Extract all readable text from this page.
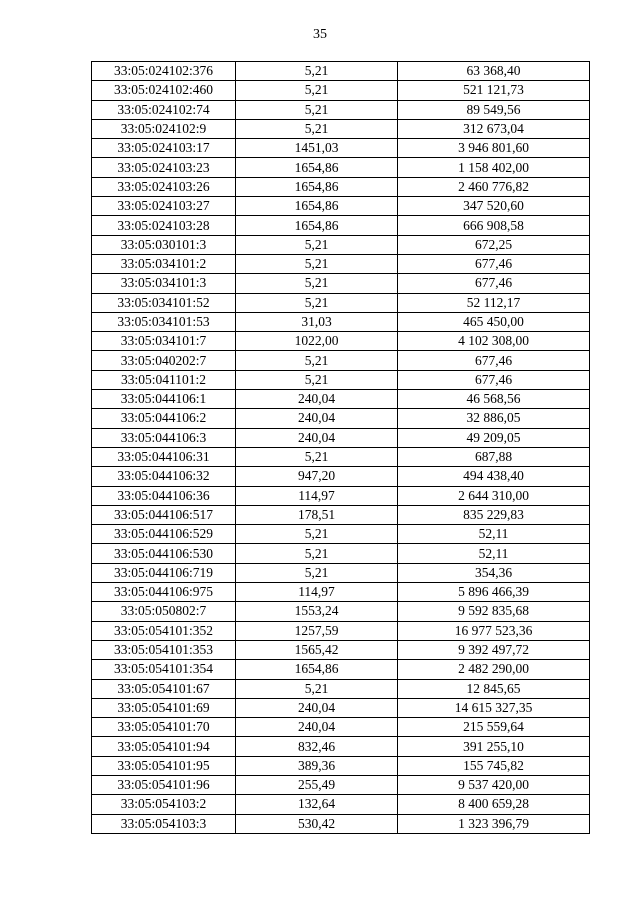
35
33:05:024102:376	5,21	63 368,40
33:05:024102:460	5,21	521 121,73
33:05:024102:74	5,21	89 549,56
33:05:024102:9	5,21	312 673,04
33:05:024103:17	1451,03	3 946 801,60
33:05:024103:23	1654,86	1 158 402,00
33:05:024103:26	1654,86	2 460 776,82
33:05:024103:27	1654,86	347 520,60
33:05:024103:28	1654,86	666 908,58
33:05:030101:3	5,21	672,25
33:05:034101:2	5,21	677,46
33:05:034101:3	5,21	677,46
33:05:034101:52	5,21	52 112,17
33:05:034101:53	31,03	465 450,00
33:05:034101:7	1022,00	4 102 308,00
33:05:040202:7	5,21	677,46
33:05:041101:2	5,21	677,46
33:05:044106:1	240,04	46 568,56
33:05:044106:2	240,04	32 886,05
33:05:044106:3	240,04	49 209,05
33:05:044106:31	5,21	687,88
33:05:044106:32	947,20	494 438,40
33:05:044106:36	114,97	2 644 310,00
33:05:044106:517	178,51	835 229,83
33:05:044106:529	5,21	52,11
33:05:044106:530	5,21	52,11
33:05:044106:719	5,21	354,36
33:05:044106:975	114,97	5 896 466,39
33:05:050802:7	1553,24	9 592 835,68
33:05:054101:352	1257,59	16 977 523,36
33:05:054101:353	1565,42	9 392 497,72
33:05:054101:354	1654,86	2 482 290,00
33:05:054101:67	5,21	12 845,65
33:05:054101:69	240,04	14 615 327,35
33:05:054101:70	240,04	215 559,64
33:05:054101:94	832,46	391 255,10
33:05:054101:95	389,36	155 745,82
33:05:054101:96	255,49	9 537 420,00
33:05:054103:2	132,64	8 400 659,28
33:05:054103:3	530,42	1 323 396,79
